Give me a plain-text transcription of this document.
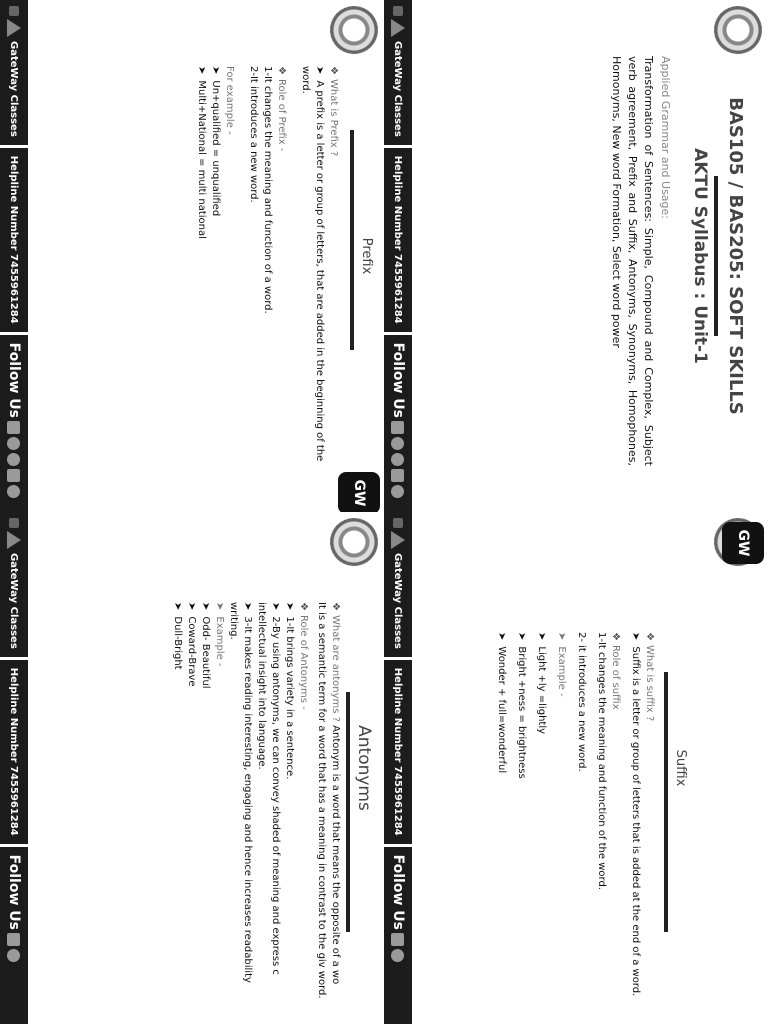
BAS105 / BAS205: SOFT SKILLS
AKTU Syllabus : Unit-1
Applied Grammar and Usage:
Transformation of Sentences: Simple, Compound and Complex, Subject verb agreement, Prefix and Suffix, Antonyms, Synonyms, Homophones, Homonyms, New word Formation, Select word power
GW
Suffix

❖What is suffix ?

➤Suffix is a letter or group of letters that is added at the end of a word.

❖Role of suffix

1-It changes the meaning and function of the word.

2- it introduces a new word.

➤Example -

➤Light +ly =lightly

➤Bright +ness = brightness

➤Wonder + full=wonderful

Prefix

❖What is Prefix ?

➤A prefix is a letter or group of letters, that are added in the beginning of the word.

❖Role of Prefix -

1-It changes the meaning and function of a word.

2-It introduces a new word.

For example -

➤Un+qualified = unqualified

➤Multi+National = multi national

GW
Antonyms

❖What are antonyms ? Antonym is a word that means the opposite of a wo

It is a semantic term for a word that has a meaning in contrast to the giv word.

❖Role of Antonyms -

➤1-It brings variety in a sentence.

➤2-By using antonyms, we can convey shaded of meaning and express c intellectual insight into language.

➤3-It makes reading interesting, engaging and hence increases readability writing.

➤Example -

➤Odd- Beautiful

➤Coward-Brave

➤Dull-Bright

GateWay Classes
Helpline Number 7455961284
Follow Us
GateWay Classes
Helpline Number 7455961284
Follow Us
GateWay Classes
Helpline Number 7455961284
Follow Us
GateWay Classes
Helpline Number 7455961284
Follow Us
